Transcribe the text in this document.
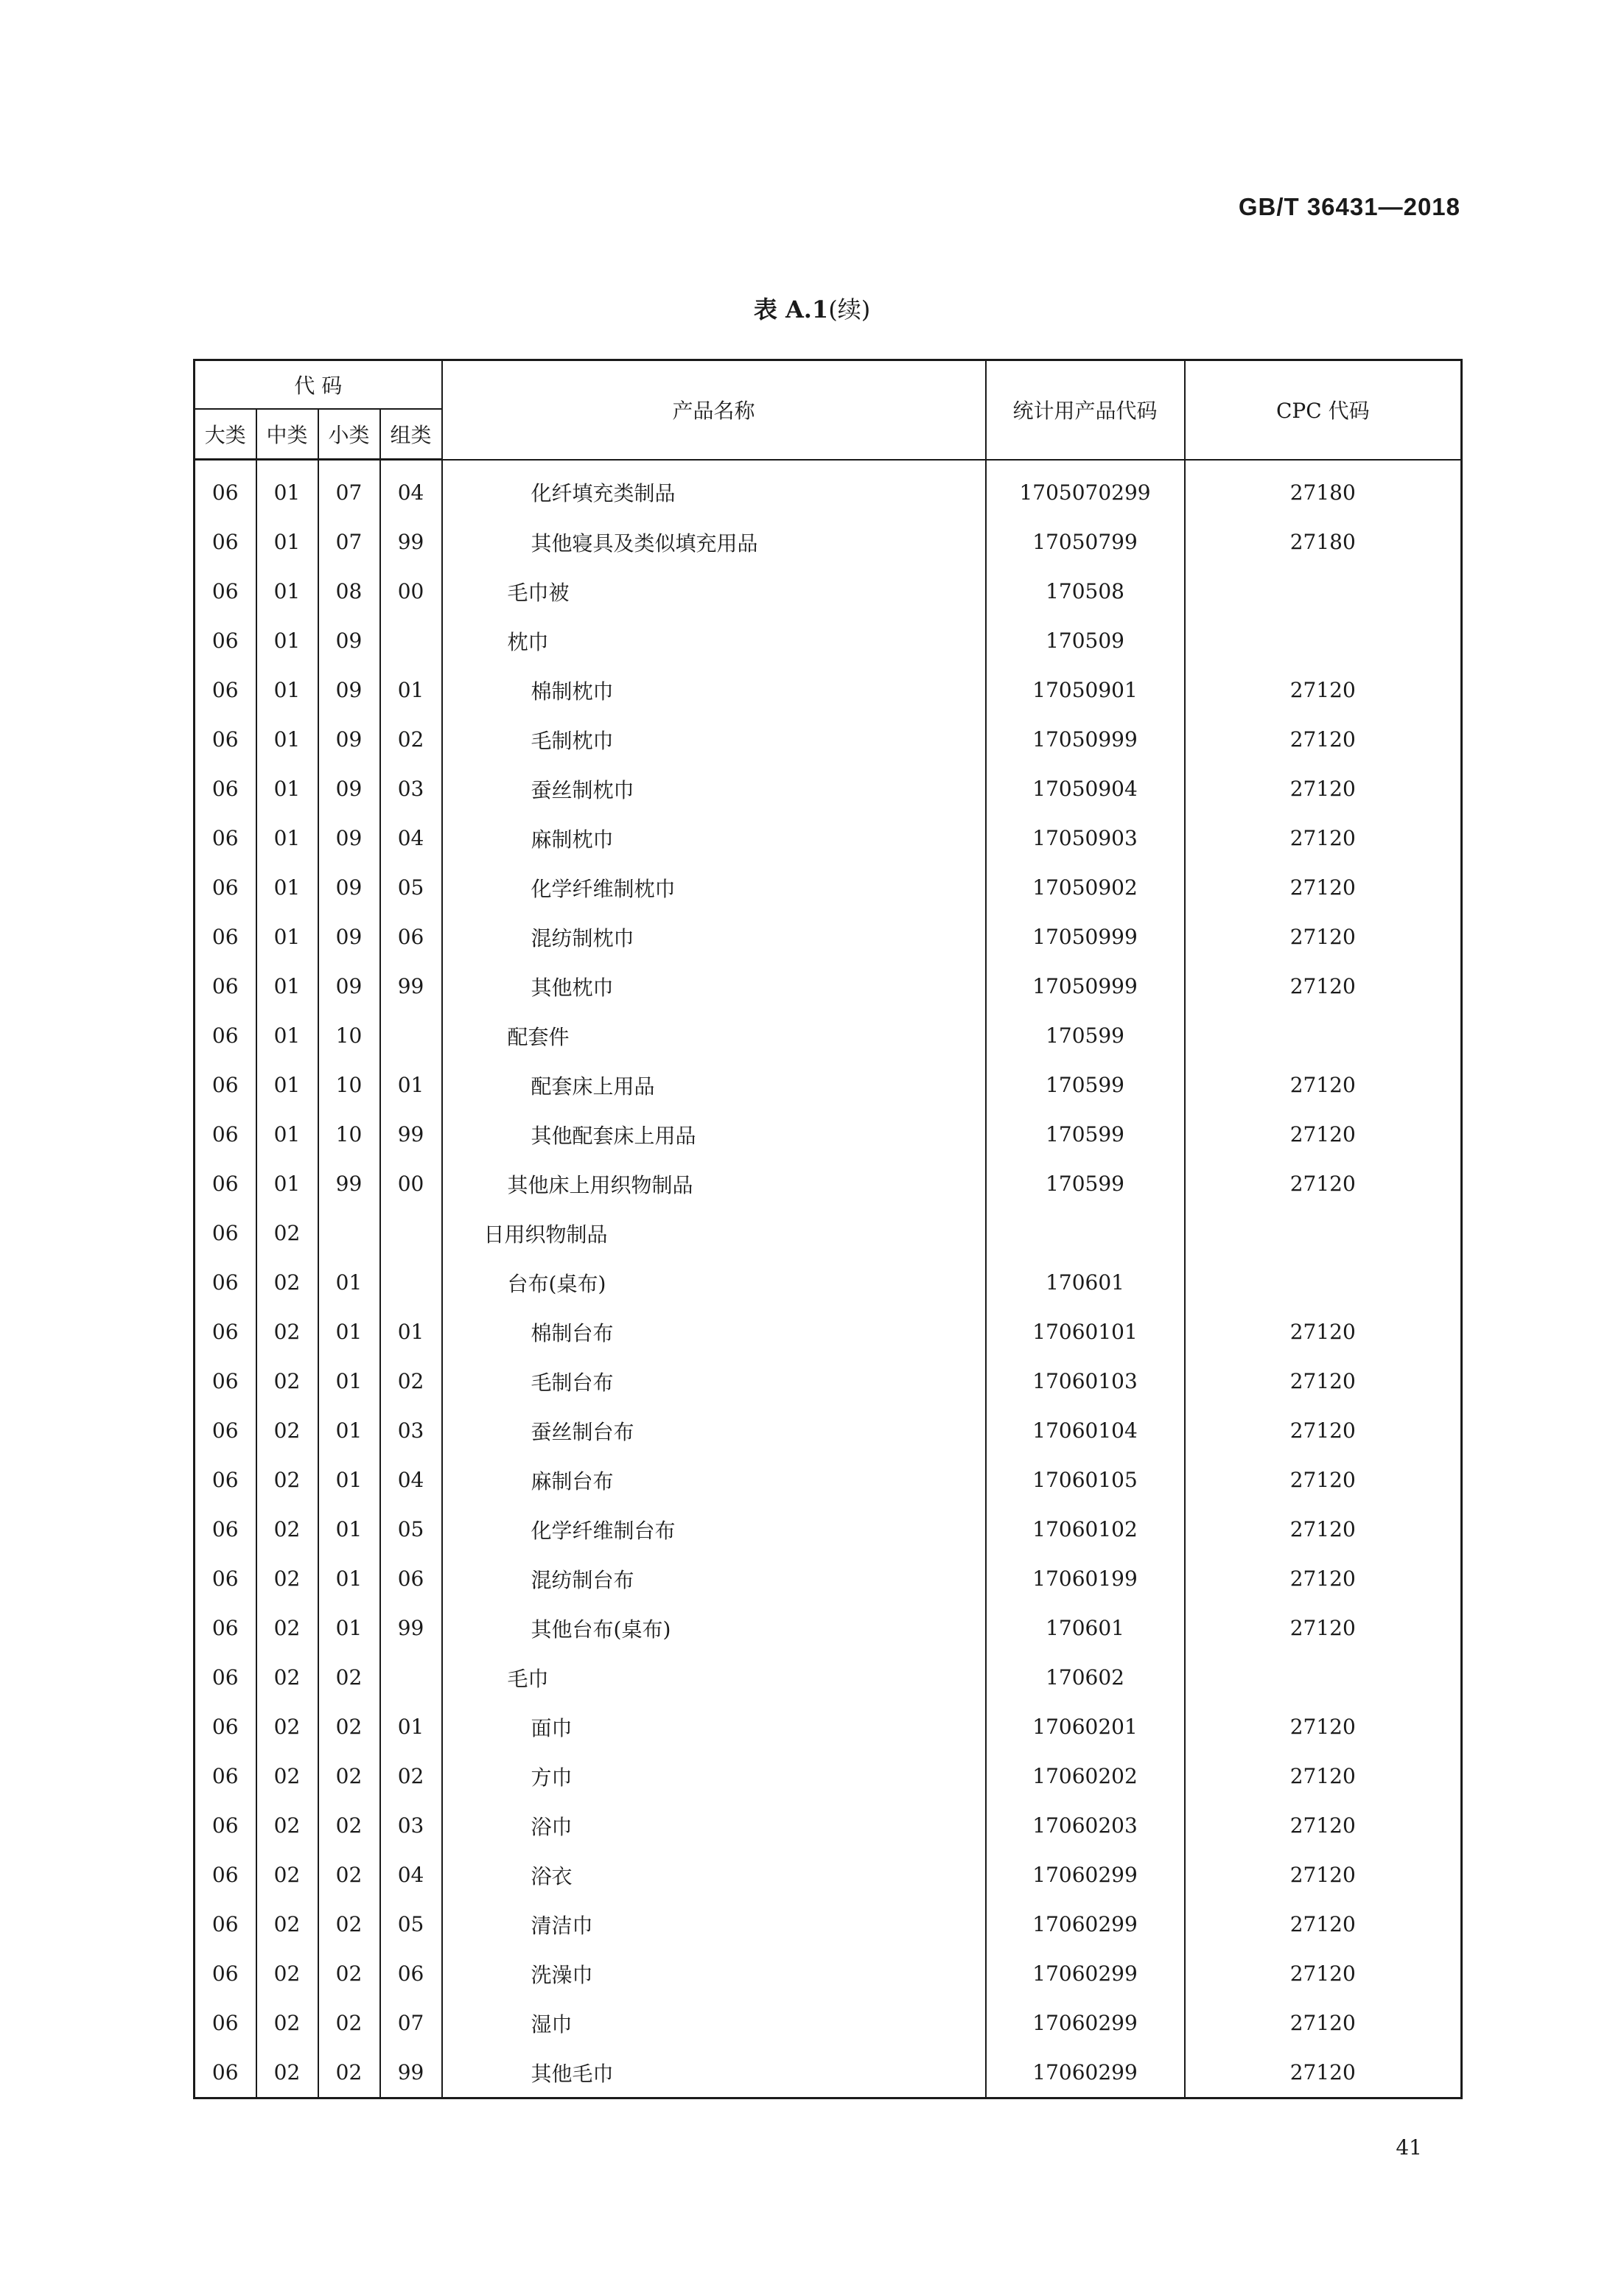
GB/T 36431—2018
表 A.1(续)
代 码				产品名称	统计用产品代码	CPC 代码
大类	中类	小类	组类			
06	01	07	04	化纤填充类制品	1705070299	27180
06	01	07	99	其他寝具及类似填充用品	17050799	27180
06	01	08	00	毛巾被	170508	
06	01	09		枕巾	170509	
06	01	09	01	棉制枕巾	17050901	27120
06	01	09	02	毛制枕巾	17050999	27120
06	01	09	03	蚕丝制枕巾	17050904	27120
06	01	09	04	麻制枕巾	17050903	27120
06	01	09	05	化学纤维制枕巾	17050902	27120
06	01	09	06	混纺制枕巾	17050999	27120
06	01	09	99	其他枕巾	17050999	27120
06	01	10		配套件	170599	
06	01	10	01	配套床上用品	170599	27120
06	01	10	99	其他配套床上用品	170599	27120
06	01	99	00	其他床上用织物制品	170599	27120
06	02			日用织物制品		
06	02	01		台布(桌布)	170601	
06	02	01	01	棉制台布	17060101	27120
06	02	01	02	毛制台布	17060103	27120
06	02	01	03	蚕丝制台布	17060104	27120
06	02	01	04	麻制台布	17060105	27120
06	02	01	05	化学纤维制台布	17060102	27120
06	02	01	06	混纺制台布	17060199	27120
06	02	01	99	其他台布(桌布)	170601	27120
06	02	02		毛巾	170602	
06	02	02	01	面巾	17060201	27120
06	02	02	02	方巾	17060202	27120
06	02	02	03	浴巾	17060203	27120
06	02	02	04	浴衣	17060299	27120
06	02	02	05	清洁巾	17060299	27120
06	02	02	06	洗澡巾	17060299	27120
06	02	02	07	湿巾	17060299	27120
06	02	02	99	其他毛巾	17060299	27120
41
